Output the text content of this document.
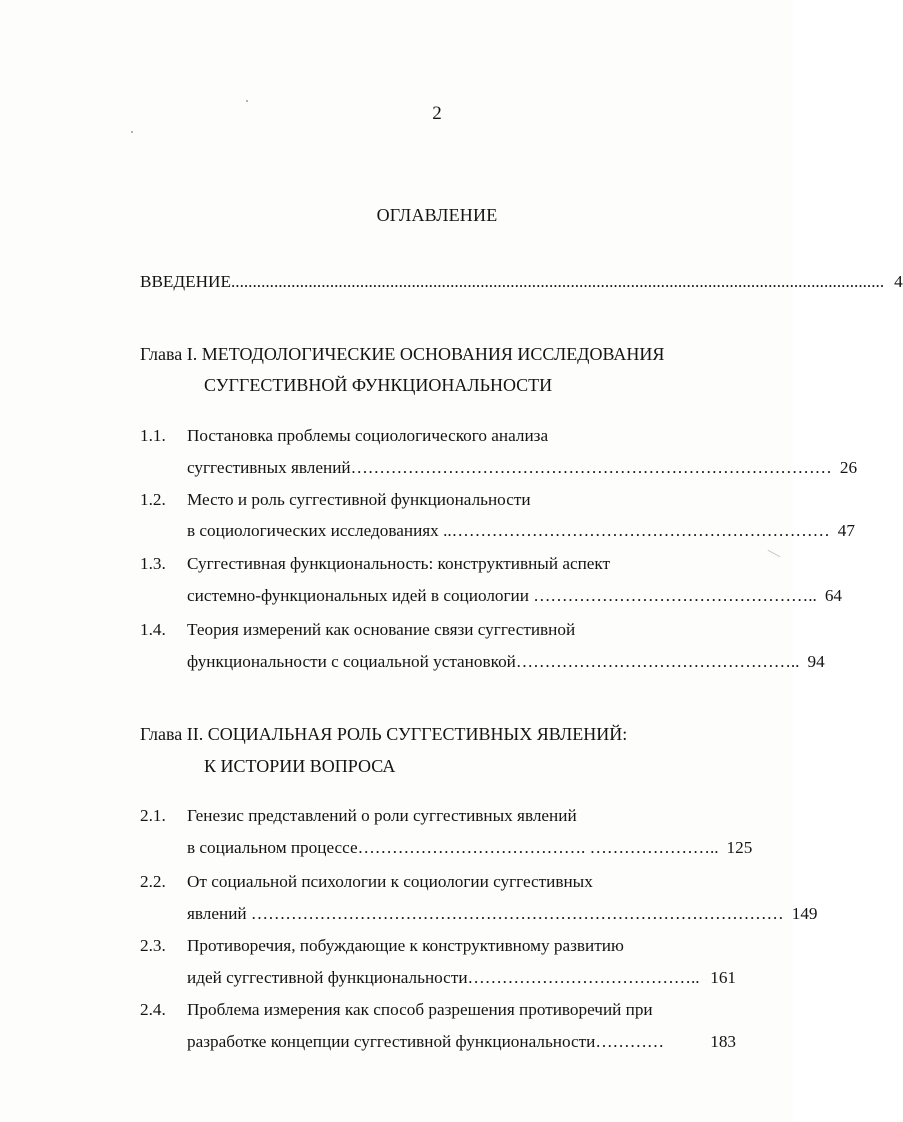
2
ОГЛАВЛЕНИЕ
ВВЕДЕНИЕ ........................................................................................................................................................ 4
Глава I. МЕТОДОЛОГИЧЕСКИЕ ОСНОВАНИЯ ИССЛЕДОВАНИЯ
СУГГЕСТИВНОЙ ФУНКЦИОНАЛЬНОСТИ
1.1. Постановка проблемы социологического анализа
суггестивных явлений ………………………………………………………………………… 26
1.2. Место и роль суггестивной функциональности
в социологических исследованиях ..………………………………………………………… 47
1.3. Суггестивная функциональность: конструктивный аспект
системно-функциональных идей в социологии ………………………………………….. 64
1.4. Теория измерений как основание связи суггестивной
функциональности с социальной установкой ………………………………………….. 94
Глава II. СОЦИАЛЬНАЯ РОЛЬ СУГГЕСТИВНЫХ ЯВЛЕНИЙ:
К ИСТОРИИ ВОПРОСА
2.1. Генезис представлений о роли суггестивных явлений
в социальном процессе …………………………………. ………………….. 125
2.2. От социальной психологии к социологии суггестивных
явлений ………………………………………………………………………………… 149
2.3. Противоречия, побуждающие к конструктивному развитию
идей суггестивной функциональности ………………………………….. 161
2.4. Проблема измерения как способ разрешения противоречий при
разработке концепции суггестивной функциональности …………	183
